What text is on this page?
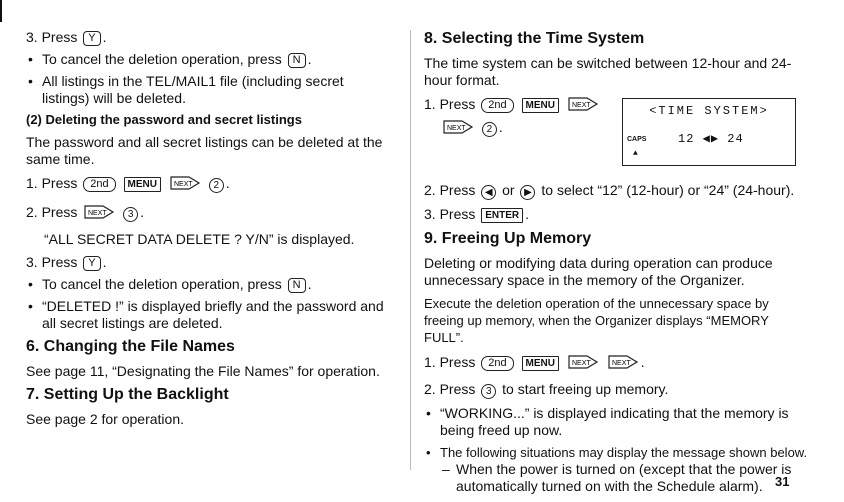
3. Press Y .
• To cancel the deletion operation, press N .
• All listings in the TEL/MAIL1 file (including secret listings) will be deleted.
(2) Deleting the password and secret listings
The password and all secret listings can be deleted at the same time.
1. Press 2nd MENU NEXT 2 .
2. Press NEXT 3 .
“ALL SECRET DATA DELETE ? Y/N” is displayed.
3. Press Y .
• To cancel the deletion operation, press N .
• “DELETED !” is displayed briefly and the password and all secret listings are deleted.
6. Changing the File Names
See page 11, “Designating the File Names” for operation.
7. Setting Up the Backlight
See page 2 for operation.
8. Selecting the Time System
The time system can be switched between 12-hour and 24-hour format.
1. Press 2nd MENU NEXT

NEXT 2 .
2. Press ◀ or ▶ to select “12” (12-hour) or “24” (24-hour).
3. Press ENTER .
9. Freeing Up Memory
Deleting or modifying data during operation can produce unnecessary space in the memory of the Organizer.
Execute the deletion operation of the unnecessary space by freeing up memory, when the Organizer displays “MEMORY FULL”.
1. Press 2nd MENU NEXT
	NEXT .
2. Press 3 to start freeing up memory.
• “WORKING...” is displayed indicating that the memory is being freed up now.
• The following situations may display the message shown below.
– When the power is turned on (except that the power is automatically turned on with the Schedule alarm).
<TIME SYSTEM>
CAPS	12 ◀▶ 24
▲
31
